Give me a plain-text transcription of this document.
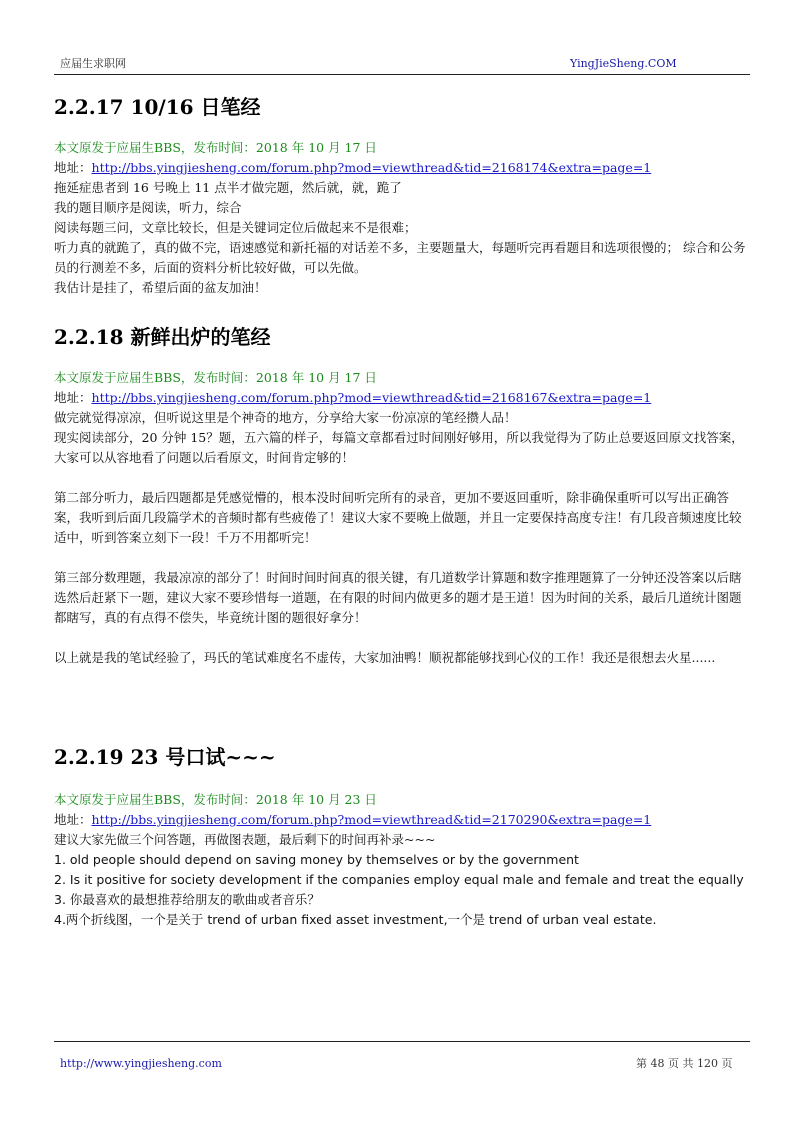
应届生求职网	YingJieSheng.COM
2.2.17 10/16 日笔经
本文原发于应届生BBS，发布时间：2018 年 10 月 17 日
地址：http://bbs.yingjiesheng.com/forum.php?mod=viewthread&tid=2168174&extra=page=1
拖延症患者到 16 号晚上 11 点半才做完题，然后就，就，跪了
我的题目顺序是阅读，听力，综合
阅读每题三问，文章比较长，但是关键词定位后做起来不是很难；
听力真的就跪了，真的做不完，语速感觉和新托福的对话差不多，主要题量大，每题听完再看题目和选项很慢的； 综合和公务员的行测差不多，后面的资料分析比较好做，可以先做。
我估计是挂了，希望后面的盆友加油！
2.2.18 新鲜出炉的笔经
本文原发于应届生BBS，发布时间：2018 年 10 月 17 日
地址：http://bbs.yingjiesheng.com/forum.php?mod=viewthread&tid=2168167&extra=page=1
做完就觉得凉凉，但听说这里是个神奇的地方，分享给大家一份凉凉的笔经攒人品！
现实阅读部分，20 分钟 15？题，五六篇的样子，每篇文章都看过时间刚好够用，所以我觉得为了防止总要返回原文找答案，大家可以从容地看了问题以后看原文，时间肯定够的！
第二部分听力，最后四题都是凭感觉懵的，根本没时间听完所有的录音，更加不要返回重听，除非确保重听可以写出正确答案，我听到后面几段篇学术的音频时都有些疲倦了！建议大家不要晚上做题，并且一定要保持高度专注！有几段音频速度比较适中，听到答案立刻下一段！千万不用都听完！
第三部分数理题，我最凉凉的部分了！时间时间时间真的很关键，有几道数学计算题和数字推理题算了一分钟还没答案以后瞎选然后赶紧下一题，建议大家不要珍惜每一道题，在有限的时间内做更多的题才是王道！因为时间的关系，最后几道统计图题都瞎写，真的有点得不偿失，毕竟统计图的题很好拿分！
以上就是我的笔试经验了，玛氏的笔试难度名不虚传，大家加油鸭！顺祝都能够找到心仪的工作！我还是很想去火星......
2.2.19 23 号口试~~~
本文原发于应届生BBS，发布时间：2018 年 10 月 23 日
地址：http://bbs.yingjiesheng.com/forum.php?mod=viewthread&tid=2170290&extra=page=1
建议大家先做三个问答题，再做图表题，最后剩下的时间再补录~~~
1. old people should depend on saving money by themselves or by the government
2. Is it positive for society development if the companies employ equal male and female and treat the equally
3. 你最喜欢的最想推荐给朋友的歌曲或者音乐？
4.两个折线图，一个是关于 trend of urban fixed asset investment,一个是 trend of urban veal estate.
http://www.yingjiesheng.com	第 48 页 共 120 页
